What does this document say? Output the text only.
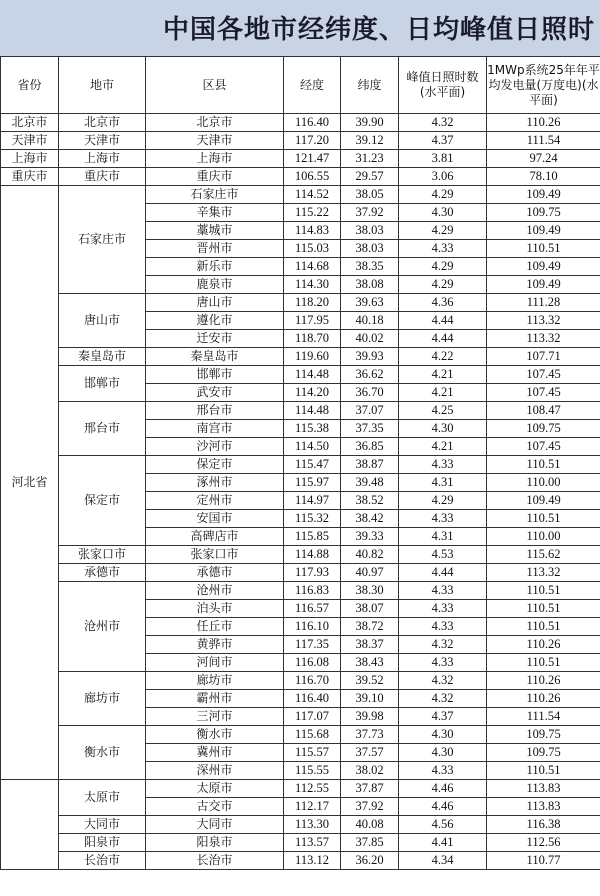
中国各地市经纬度、日均峰值日照时
省份	地市	区县	经度	纬度	峰值日照时数(水平面)	1MWp系统25年年平均发电量(万度电)(水平面)
北京市	北京市	北京市	116.40	39.90	4.32	110.26
天津市	天津市	天津市	117.20	39.12	4.37	111.54
上海市	上海市	上海市	121.47	31.23	3.81	97.24
重庆市	重庆市	重庆市	106.55	29.57	3.06	78.10
河北省	石家庄市	石家庄市	114.52	38.05	4.29	109.49
		辛集市	115.22	37.92	4.30	109.75
		藁城市	114.83	38.03	4.29	109.49
		晋州市	115.03	38.03	4.33	110.51
		新乐市	114.68	38.35	4.29	109.49
		鹿泉市	114.30	38.08	4.29	109.49
	唐山市	唐山市	118.20	39.63	4.36	111.28
		遵化市	117.95	40.18	4.44	113.32
		迁安市	118.70	40.02	4.44	113.32
	秦皇岛市	秦皇岛市	119.60	39.93	4.22	107.71
	邯郸市	邯郸市	114.48	36.62	4.21	107.45
		武安市	114.20	36.70	4.21	107.45
	邢台市	邢台市	114.48	37.07	4.25	108.47
		南宫市	115.38	37.35	4.30	109.75
		沙河市	114.50	36.85	4.21	107.45
	保定市	保定市	115.47	38.87	4.33	110.51
		涿州市	115.97	39.48	4.31	110.00
		定州市	114.97	38.52	4.29	109.49
		安国市	115.32	38.42	4.33	110.51
		高碑店市	115.85	39.33	4.31	110.00
	张家口市	张家口市	114.88	40.82	4.53	115.62
	承德市	承德市	117.93	40.97	4.44	113.32
	沧州市	沧州市	116.83	38.30	4.33	110.51
		泊头市	116.57	38.07	4.33	110.51
		任丘市	116.10	38.72	4.33	110.51
		黄骅市	117.35	38.37	4.32	110.26
		河间市	116.08	38.43	4.33	110.51
	廊坊市	廊坊市	116.70	39.52	4.32	110.26
		霸州市	116.40	39.10	4.32	110.26
		三河市	117.07	39.98	4.37	111.54
	衡水市	衡水市	115.68	37.73	4.30	109.75
		冀州市	115.57	37.57	4.30	109.75
		深州市	115.55	38.02	4.33	110.51
	太原市	太原市	112.55	37.87	4.46	113.83
		古交市	112.17	37.92	4.46	113.83
	大同市	大同市	113.30	40.08	4.56	116.38
	阳泉市	阳泉市	113.57	37.85	4.41	112.56
	长治市	长治市	113.12	36.20	4.34	110.77
